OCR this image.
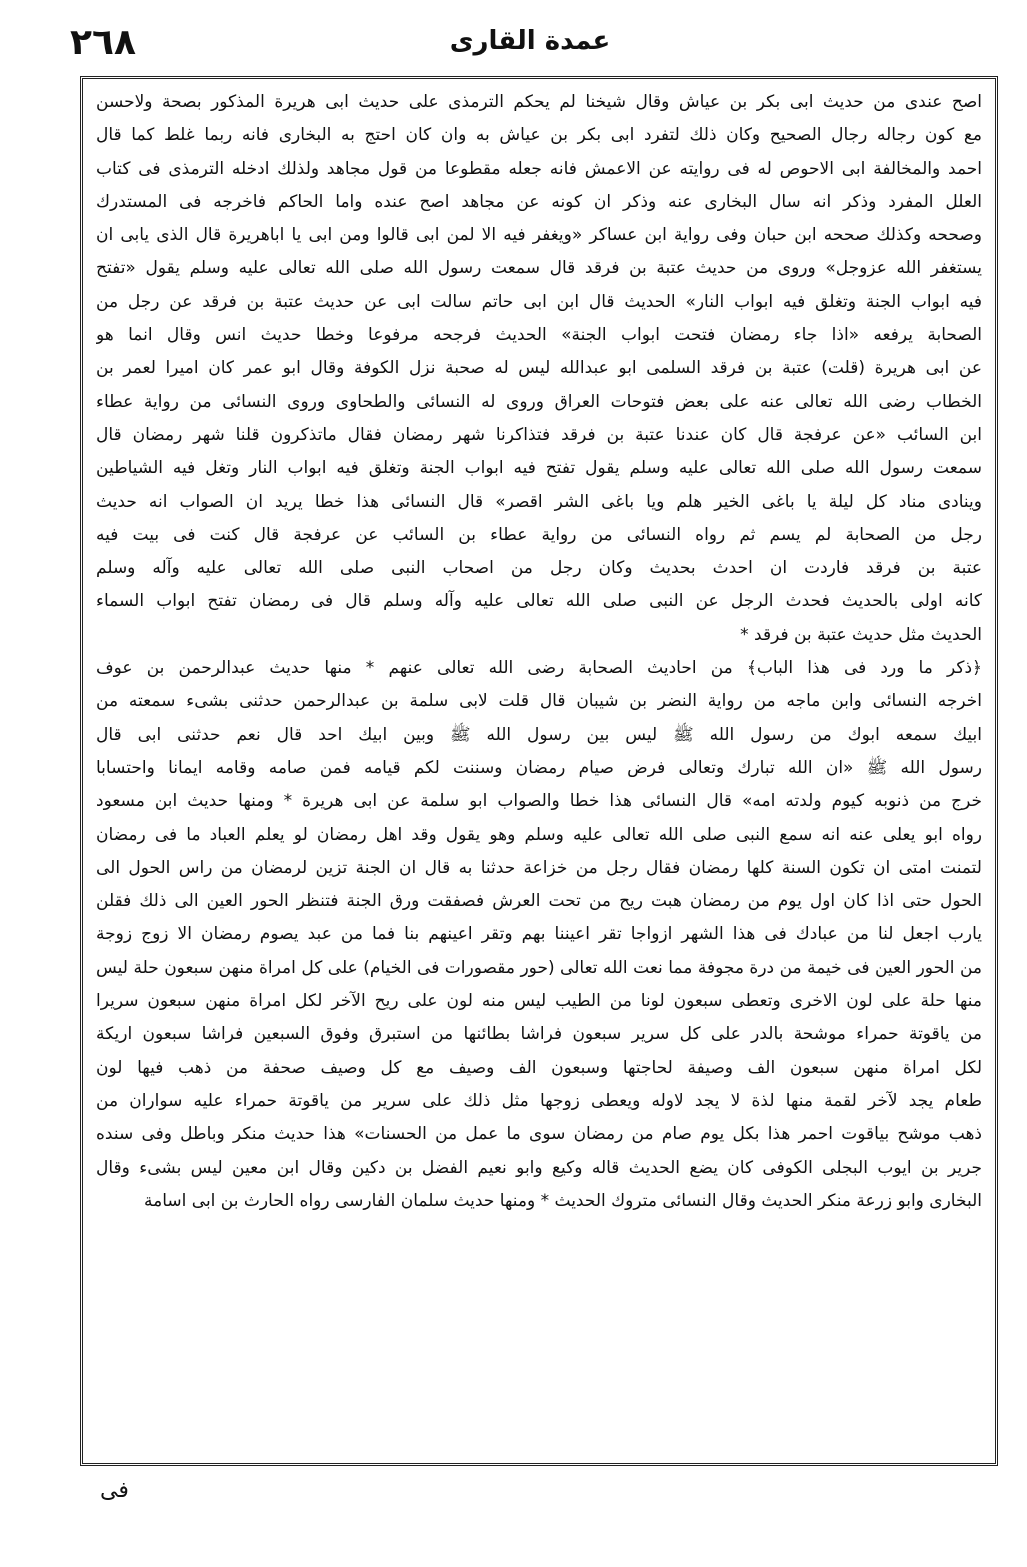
٢٦٨	عمدة القاری
اصح عندی من حديث ابی بكر بن عياش وقال شيخنا لم يحكم الترمذی علی حديث ابی هريرة المذكور بصحة ولاحسن
مع كون رجاله رجال الصحيح وكان ذلك لتفرد ابی بكر بن عياش به وان كان احتج به البخاری فانه ربما غلط كما قال
احمد والمخالفة ابی الاحوص له فی روايته عن الاعمش فانه جعله مقطوعا من قول مجاهد ولذلك ادخله الترمذی فی كتاب
العلل المفرد وذكر انه سال البخاری عنه وذكر ان كونه عن مجاهد اصح عنده واما الحاكم فاخرجه فی المستدرك
وصححه وكذلك صححه ابن حبان وفی رواية ابن عساكر «ويغفر فيه الا لمن ابی قالوا ومن ابی يا اباهريرة قال الذی يابی ان
يستغفر الله عزوجل» وروی من حديث عتبة بن فرقد قال سمعت رسول الله صلی الله تعالی عليه وسلم يقول «تفتح
فيه ابواب الجنة وتغلق فيه ابواب النار» الحديث قال ابن ابی حاتم سالت ابی عن حديث عتبة بن فرقد عن رجل من
الصحابة يرفعه «اذا جاء رمضان فتحت ابواب الجنة» الحديث فرجحه مرفوعا وخطا حديث انس وقال انما هو
عن ابی هريرة (قلت) عتبة بن فرقد السلمی ابو عبدالله ليس له صحبة نزل الكوفة وقال ابو عمر كان اميرا لعمر بن
الخطاب رضی الله تعالی عنه علی بعض فتوحات العراق وروی له النسائی والطحاوی وروی النسائی من رواية عطاء
ابن السائب «عن عرفجة قال كان عندنا عتبة بن فرقد فتذاكرنا شهر رمضان فقال ماتذكرون قلنا شهر رمضان قال
سمعت رسول الله صلی الله تعالی عليه وسلم يقول تفتح فيه ابواب الجنة وتغلق فيه ابواب النار وتغل فيه الشياطين
وينادی مناد كل ليلة يا باغی الخير هلم ويا باغی الشر اقصر» قال النسائی هذا خطا يريد ان الصواب انه حديث
رجل من الصحابة لم يسم ثم رواه النسائی من رواية عطاء بن السائب عن عرفجة قال كنت فی بيت فيه
عتبة بن فرقد فاردت ان احدث بحديث وكان رجل من اصحاب النبی صلی الله تعالی عليه وآله وسلم
كانه اولی بالحديث فحدث الرجل عن النبی صلی الله تعالی عليه وآله وسلم قال فی رمضان تفتح ابواب السماء
الحديث مثل حديث عتبة بن فرقد *
﴿ذكر ما ورد فی هذا الباب﴾ من احاديث الصحابة رضی الله تعالی عنهم * منها حديث عبدالرحمن بن عوف
اخرجه النسائی وابن ماجه من رواية النضر بن شيبان قال قلت لابی سلمة بن عبدالرحمن حدثنی بشیء سمعته من
ابيك سمعه ابوك من رسول الله ﷺ ليس بين رسول الله ﷺ وبين ابيك احد قال نعم حدثنی ابی قال
رسول الله ﷺ «ان الله تبارك وتعالی فرض صيام رمضان وسننت لكم قيامه فمن صامه وقامه ايمانا واحتسابا
خرج من ذنوبه كيوم ولدته امه» قال النسائی هذا خطا والصواب ابو سلمة عن ابی هريرة * ومنها حديث ابن مسعود
رواه ابو يعلی عنه انه سمع النبی صلی الله تعالی عليه وسلم وهو يقول وقد اهل رمضان لو يعلم العباد ما فی رمضان
لتمنت امتی ان تكون السنة كلها رمضان فقال رجل من خزاعة حدثنا به قال ان الجنة تزين لرمضان من راس الحول الی
الحول حتی اذا كان اول يوم من رمضان هبت ريح من تحت العرش فصفقت ورق الجنة فتنظر الحور العين الی ذلك فقلن
يارب اجعل لنا من عبادك فی هذا الشهر ازواجا تقر اعيننا بهم وتقر اعينهم بنا فما من عبد يصوم رمضان الا زوج زوجة
من الحور العين فی خيمة من درة مجوفة مما نعت الله تعالی (حور مقصورات فی الخيام) علی كل امراة منهن سبعون حلة ليس
منها حلة علی لون الاخری وتعطی سبعون لونا من الطيب ليس منه لون علی ريح الآخر لكل امراة منهن سبعون سريرا
من ياقوتة حمراء موشحة بالدر علی كل سرير سبعون فراشا بطائنها من استبرق وفوق السبعين فراشا سبعون اريكة
لكل امراة منهن سبعون الف وصيفة لحاجتها وسبعون الف وصيف مع كل وصيف صحفة من ذهب فيها لون
طعام يجد لآخر لقمة منها لذة لا يجد لاوله ويعطی زوجها مثل ذلك علی سرير من ياقوتة حمراء عليه سواران من
ذهب موشح بياقوت احمر هذا بكل يوم صام من رمضان سوی ما عمل من الحسنات» هذا حديث منكر وباطل وفی سنده
جرير بن ايوب البجلی الكوفی كان يضع الحديث قاله وكيع وابو نعيم الفضل بن دكين وقال ابن معين ليس بشیء وقال
البخاری وابو زرعة منكر الحديث وقال النسائی متروك الحديث * ومنها حديث سلمان الفارسی رواه الحارث بن ابی اسامة
فی
